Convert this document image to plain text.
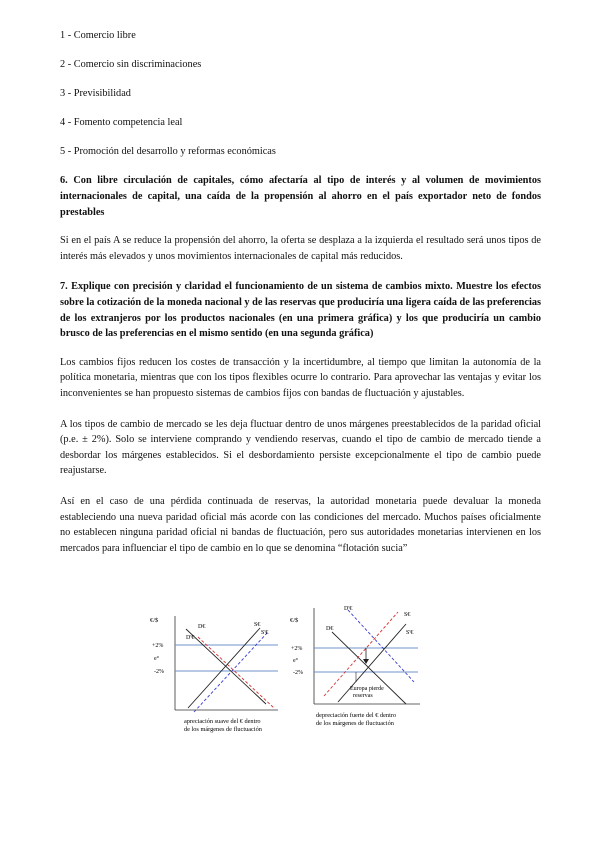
1 - Comercio libre
2 - Comercio sin discriminaciones
3 - Previsibilidad
4 - Fomento competencia leal
5 - Promoción del desarrollo y reformas económicas
6. Con libre circulación de capitales, cómo afectaría al tipo de interés y al volumen de movimientos internacionales de capital, una caída de la propensión al ahorro en el país exportador neto de fondos prestables
Si en el país A se reduce la propensión del ahorro, la oferta se desplaza a la izquierda el resultado será unos tipos de interés más elevados y unos movimientos internacionales de capital más reducidos.
7. Explique con precisión y claridad el funcionamiento de un sistema de cambios mixto. Muestre los efectos sobre la cotización de la moneda nacional y de las reservas que produciría una ligera caída de las preferencias de los extranjeros por los productos nacionales (en una primera gráfica) y los que produciría un cambio brusco de las preferencias en el mismo sentido (en una segunda gráfica)
Los cambios fijos reducen los costes de transacción y la incertidumbre, al tiempo que limitan la autonomía de la política monetaria, mientras que con los tipos flexibles ocurre lo contrario. Para aprovechar las ventajas y evitar los inconvenientes se han propuesto sistemas de cambios fijos con bandas de fluctuación y ajustables.
A los tipos de cambio de mercado se les deja fluctuar dentro de unos márgenes preestablecidos de la paridad oficial (p.e. ± 2%). Solo se interviene comprando y vendiendo reservas, cuando el tipo de cambio de mercado tiende a desbordar los márgenes establecidos. Si el desbordamiento persiste excepcionalmente el tipo de cambio puede reajustarse.
Así en el caso de una pérdida continuada de reservas, la autoridad monetaria puede devaluar la moneda estableciendo una nueva paridad oficial más acorde con las condiciones del mercado. Muchos países oficialmente no establecen ninguna paridad oficial ni bandas de fluctuación, pero sus autoridades monetarias intervienen en los mercados para influenciar el tipo de cambio en lo que se denomina “flotación sucia”
€/$
+2%
e°
-2%
D€
D'€
S€
S'€
apreciación suave del € dentro
de los márgenes de fluctuación
€/$
+2%
e°
-2%
D'€
D€
S€
S'€
Europa pierde
reservas
depreciación fuerte del € dentro
de los márgenes de fluctuación
